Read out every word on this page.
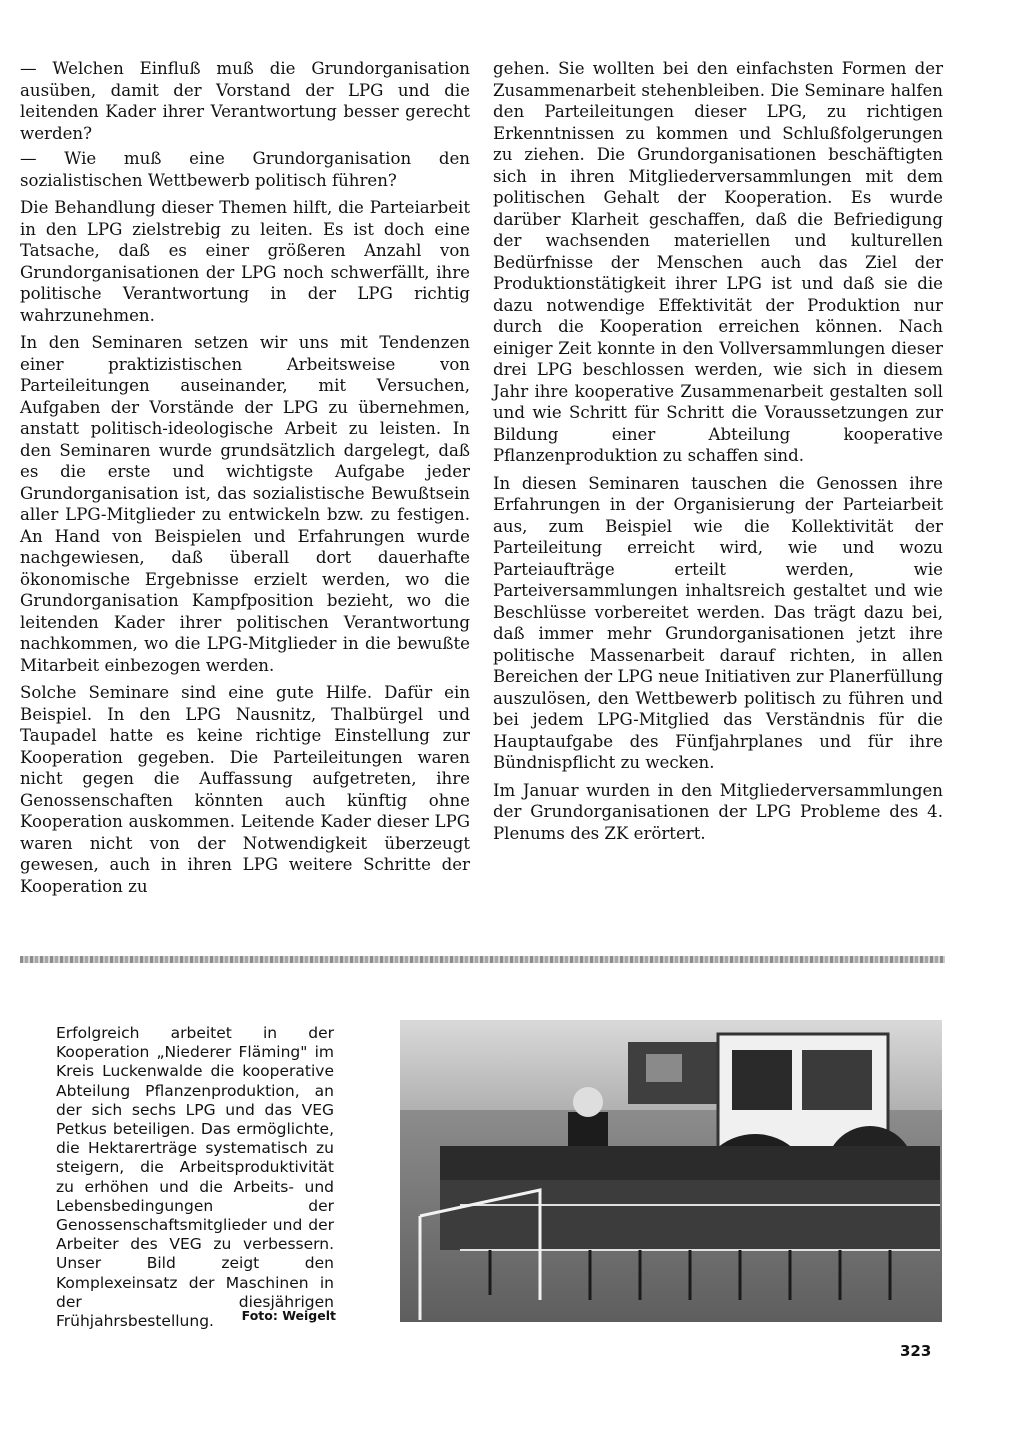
— Welchen Einfluß muß die Grundorganisation ausüben, damit der Vorstand der LPG und die leitenden Kader ihrer Verantwortung besser gerecht werden?

— Wie muß eine Grundorganisation den sozialistischen Wettbewerb politisch führen?

Die Behandlung dieser Themen hilft, die Parteiarbeit in den LPG zielstrebig zu leiten. Es ist doch eine Tatsache, daß es einer größeren Anzahl von Grundorganisationen der LPG noch schwerfällt, ihre politische Verantwortung in der LPG richtig wahrzunehmen.

In den Seminaren setzen wir uns mit Tendenzen einer praktizistischen Arbeitsweise von Parteileitungen auseinander, mit Versuchen, Aufgaben der Vorstände der LPG zu übernehmen, anstatt politisch-ideologische Arbeit zu leisten. In den Seminaren wurde grundsätzlich dargelegt, daß es die erste und wichtigste Aufgabe jeder Grundorganisation ist, das sozialistische Bewußtsein aller LPG-Mitglieder zu entwickeln bzw. zu festigen. An Hand von Beispielen und Erfahrungen wurde nachgewiesen, daß überall dort dauerhafte ökonomische Ergebnisse erzielt werden, wo die Grundorganisation Kampfposition bezieht, wo die leitenden Kader ihrer politischen Verantwortung nachkommen, wo die LPG-Mitglieder in die bewußte Mitarbeit einbezogen werden.

Solche Seminare sind eine gute Hilfe. Dafür ein Beispiel. In den LPG Nausnitz, Thalbürgel und Taupadel hatte es keine richtige Einstellung zur Kooperation gegeben. Die Parteileitungen waren nicht gegen die Auffassung aufgetreten, ihre Genossenschaften könnten auch künftig ohne Kooperation auskommen. Leitende Kader dieser LPG waren nicht von der Notwendigkeit überzeugt gewesen, auch in ihren LPG weitere Schritte der Kooperation zu

gehen. Sie wollten bei den einfachsten Formen der Zusammenarbeit stehenbleiben. Die Seminare halfen den Parteileitungen dieser LPG, zu richtigen Erkenntnissen zu kommen und Schlußfolgerungen zu ziehen. Die Grundorganisationen beschäftigten sich in ihren Mitgliederversammlungen mit dem politischen Gehalt der Kooperation. Es wurde darüber Klarheit geschaffen, daß die Befriedigung der wachsenden materiellen und kulturellen Bedürfnisse der Menschen auch das Ziel der Produktionstätigkeit ihrer LPG ist und daß sie die dazu notwendige Effektivität der Produktion nur durch die Kooperation erreichen können. Nach einiger Zeit konnte in den Vollversammlungen dieser drei LPG beschlossen werden, wie sich in diesem Jahr ihre kooperative Zusammenarbeit gestalten soll und wie Schritt für Schritt die Voraussetzungen zur Bildung einer Abteilung kooperative Pflanzenproduktion zu schaffen sind.

In diesen Seminaren tauschen die Genossen ihre Erfahrungen in der Organisierung der Parteiarbeit aus, zum Beispiel wie die Kollektivität der Parteileitung erreicht wird, wie und wozu Parteiaufträge erteilt werden, wie Parteiversammlungen inhaltsreich gestaltet und wie Beschlüsse vorbereitet werden. Das trägt dazu bei, daß immer mehr Grundorganisationen jetzt ihre politische Massenarbeit darauf richten, in allen Bereichen der LPG neue Initiativen zur Planerfüllung auszulösen, den Wettbewerb politisch zu führen und bei jedem LPG-Mitglied das Verständnis für die Hauptaufgabe des Fünfjahrplanes und für ihre Bündnispflicht zu wecken.

Im Januar wurden in den Mitgliederversammlungen der Grundorganisationen der LPG Probleme des 4. Plenums des ZK erörtert.

Erfolgreich arbeitet in der Kooperation „Niederer Fläming" im Kreis Luckenwalde die kooperative Abteilung Pflanzenproduktion, an der sich sechs LPG und das VEG Petkus beteiligen. Das ermöglichte, die Hektarerträge systematisch zu steigern, die Arbeitsproduktivität zu erhöhen und die Arbeits- und Lebensbedingungen der Genossenschaftsmitglieder und der Arbeiter des VEG zu verbessern. Unser Bild zeigt den Komplexeinsatz der Maschinen in der diesjährigen Frühjahrsbestellung.	Foto: Weigelt
323
